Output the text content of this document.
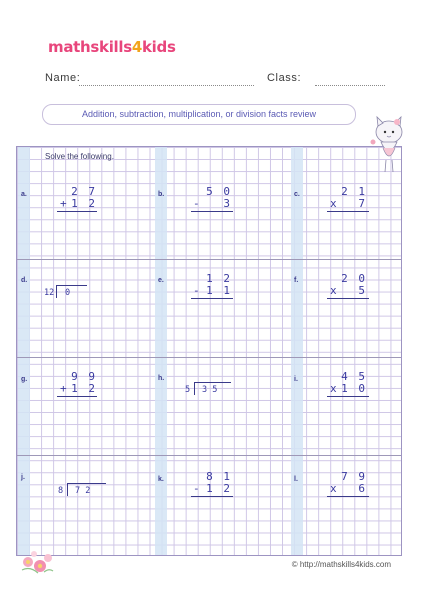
mathskills4kids
Name:	Class:
Addition, subtraction, multiplication, or division facts review
Solve the following.
a.	2 7
+ 1 2
b.	5 0
-	3
c.	2 1
x	7
d.
12 0
e.	1 2
- 1 1
f.	2 0
x	5
g.	9 9
+ 1 2
h.
5 3 5
i.	4 5
x 1 0
j.
8 7 2
k.	8 1
- 1 2
l.	7 9
x	6
© http://mathskills4kids.com
